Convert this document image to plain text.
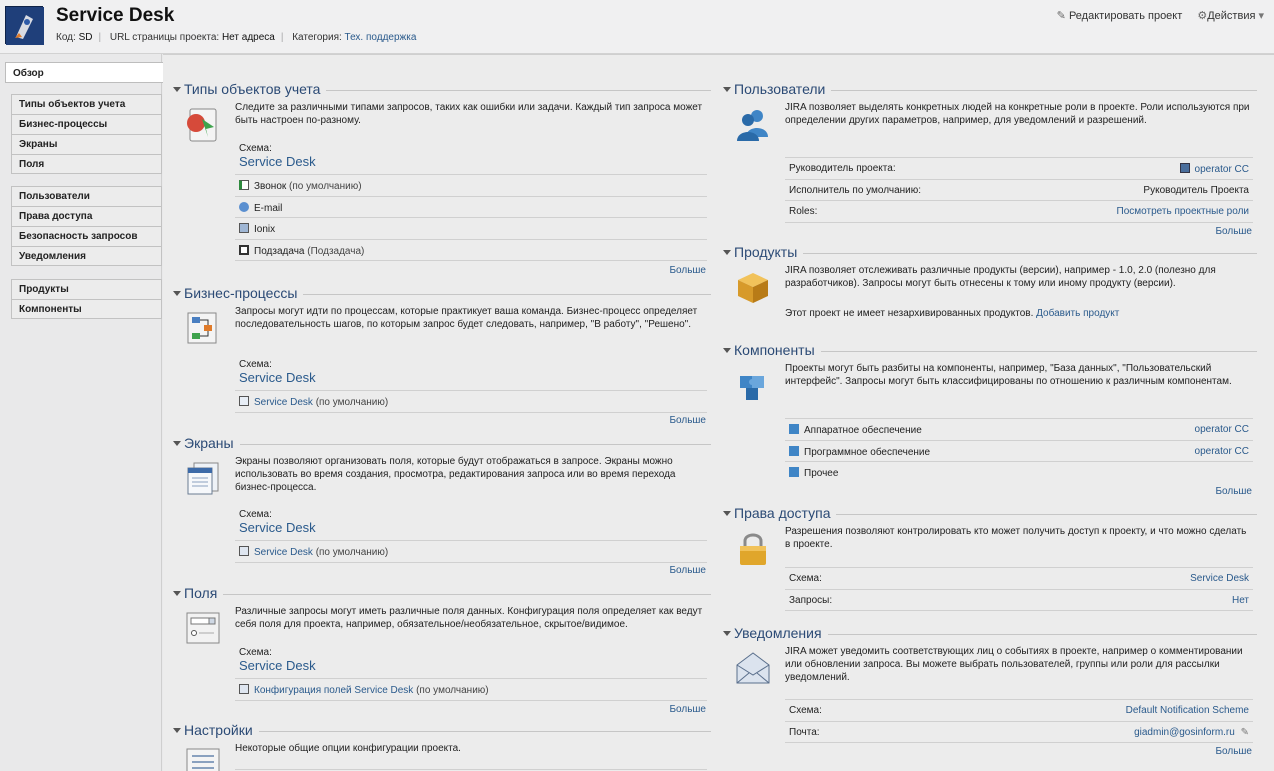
Service Desk
Код: SD | URL страницы проекта: Нет адреса | Категория: Тех. поддержка
✎ Редактировать проект ⚙Действия ▾
Обзор
Типы объектов учета
Бизнес-процессы
Экраны
Поля
Пользователи
Права доступа
Безопасность запросов
Уведомления
Продукты
Компоненты
Типы объектов учета
Следите за различными типами запросов, таких как ошибки или задачи. Каждый тип запроса может быть настроен по-разному.
Схема:
Service Desk
Звонок (по умолчанию)
E-mail
Ionix
Подзадача (Подзадача)
Больше
Бизнес-процессы
Запросы могут идти по процессам, которые практикует ваша команда. Бизнес-процесс определяет последовательность шагов, по которым запрос будет следовать, например, "В работу", "Решено".
Схема:
Service Desk
Service Desk (по умолчанию)
Больше
Экраны
Экраны позволяют организовать поля, которые будут отображаться в запросе. Экраны можно использовать во время создания, просмотра, редактирования запроса или во время перехода бизнес-процесса.
Схема:
Service Desk
Service Desk (по умолчанию)
Больше
Поля
Различные запросы могут иметь различные поля данных. Конфигурация поля определяет как ведут себя поля для проекта, например, обязательное/необязательное, скрытое/видимое.
Схема:
Service Desk
Конфигурация полей Service Desk (по умолчанию)
Больше
Настройки
Некоторые общие опции конфигурации проекта.
Пользователи
JIRA позволяет выделять конкретных людей на конкретные роли в проекте. Роли используются при определении других параметров, например, для уведомлений и разрешений.
Руководитель проекта:	operator CC
Исполнитель по умолчанию:	Руководитель Проекта
Roles:	Посмотреть проектные роли
Больше
Продукты
JIRA позволяет отслеживать различные продукты (версии), например - 1.0, 2.0 (полезно для разработчиков). Запросы могут быть отнесены к тому или иному продукту (версии).
Этот проект не имеет незархивированных продуктов. Добавить продукт
Компоненты
Проекты могут быть разбиты на компоненты, например, "База данных", "Пользовательский интерфейс". Запросы могут быть классифицированы по отношению к различным компонентам.
Аппаратное обеспечение	operator CC
Программное обеспечение	operator CC
Прочее
Больше
Права доступа
Разрешения позволяют контролировать кто может получить доступ к проекту, и что можно сделать в проекте.
Схема:	Service Desk
Запросы:	Нет
Уведомления
JIRA может уведомить соответствующих лиц о событиях в проекте, например о комментировании или обновлении запроса. Вы можете выбрать пользователей, группы или роли для рассылки уведомлений.
Схема:	Default Notification Scheme
Почта:	giadmin@gosinform.ru ✎
Больше
